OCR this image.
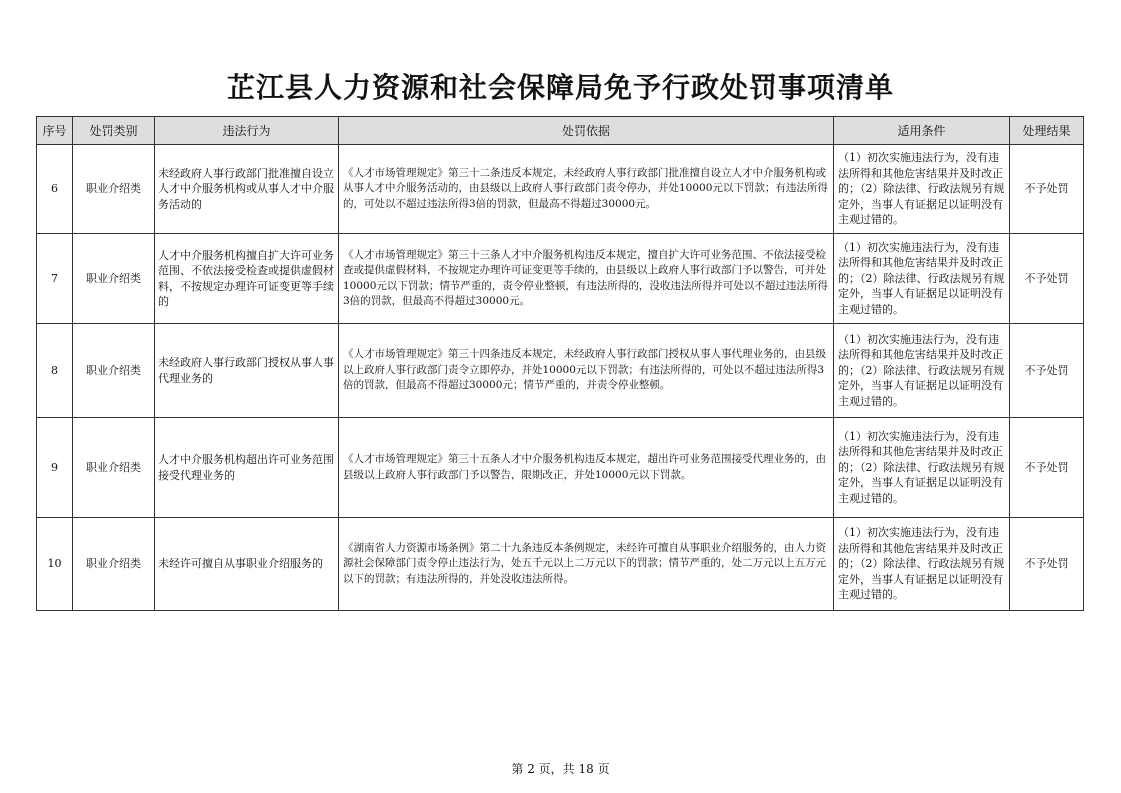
芷江县人力资源和社会保障局免予行政处罚事项清单
序号	处罚类别	违法行为	处罚依据	适用条件	处理结果
6	职业介绍类	未经政府人事行政部门批准擅自设立人才中介服务机构或从事人才中介服务活动的	《人才市场管理规定》第三十二条违反本规定，未经政府人事行政部门批准擅自设立人才中介服务机构或从事人才中介服务活动的，由县级以上政府人事行政部门责令停办，并处10000元以下罚款；有违法所得的，可处以不超过违法所得3倍的罚款，但最高不得超过30000元。	（1）初次实施违法行为，没有违法所得和其他危害结果并及时改正的；（2）除法律、行政法规另有规定外，当事人有证据足以证明没有主观过错的。	不予处罚
7	职业介绍类	人才中介服务机构擅自扩大许可业务范围、不依法接受检查或提供虚假材料，不按规定办理许可证变更等手续的	《人才市场管理规定》第三十三条人才中介服务机构违反本规定，擅自扩大许可业务范围、不依法接受检查或提供虚假材料，不按规定办理许可证变更等手续的，由县级以上政府人事行政部门予以警告，可并处10000元以下罚款；情节严重的，责令停业整顿，有违法所得的，没收违法所得并可处以不超过违法所得3倍的罚款，但最高不得超过30000元。	（1）初次实施违法行为，没有违法所得和其他危害结果并及时改正的；（2）除法律、行政法规另有规定外，当事人有证据足以证明没有主观过错的。	不予处罚
8	职业介绍类	未经政府人事行政部门授权从事人事代理业务的	《人才市场管理规定》第三十四条违反本规定，未经政府人事行政部门授权从事人事代理业务的，由县级以上政府人事行政部门责令立即停办，并处10000元以下罚款；有违法所得的，可处以不超过违法所得3倍的罚款，但最高不得超过30000元；情节严重的，并责令停业整顿。	（1）初次实施违法行为，没有违法所得和其他危害结果并及时改正的；（2）除法律、行政法规另有规定外，当事人有证据足以证明没有主观过错的。	不予处罚
9	职业介绍类	人才中介服务机构超出许可业务范围接受代理业务的	《人才市场管理规定》第三十五条人才中介服务机构违反本规定，超出许可业务范围接受代理业务的，由县级以上政府人事行政部门予以警告，限期改正，并处10000元以下罚款。	（1）初次实施违法行为，没有违法所得和其他危害结果并及时改正的；（2）除法律、行政法规另有规定外，当事人有证据足以证明没有主观过错的。	不予处罚
10	职业介绍类	未经许可擅自从事职业介绍服务的	《湖南省人力资源市场条例》第二十九条违反本条例规定，未经许可擅自从事职业介绍服务的，由人力资源社会保障部门责令停止违法行为，处五千元以上二万元以下的罚款；情节严重的，处二万元以上五万元以下的罚款；有违法所得的，并处没收违法所得。	（1）初次实施违法行为，没有违法所得和其他危害结果并及时改正的；（2）除法律、行政法规另有规定外，当事人有证据足以证明没有主观过错的。	不予处罚
第 2 页，共 18 页
